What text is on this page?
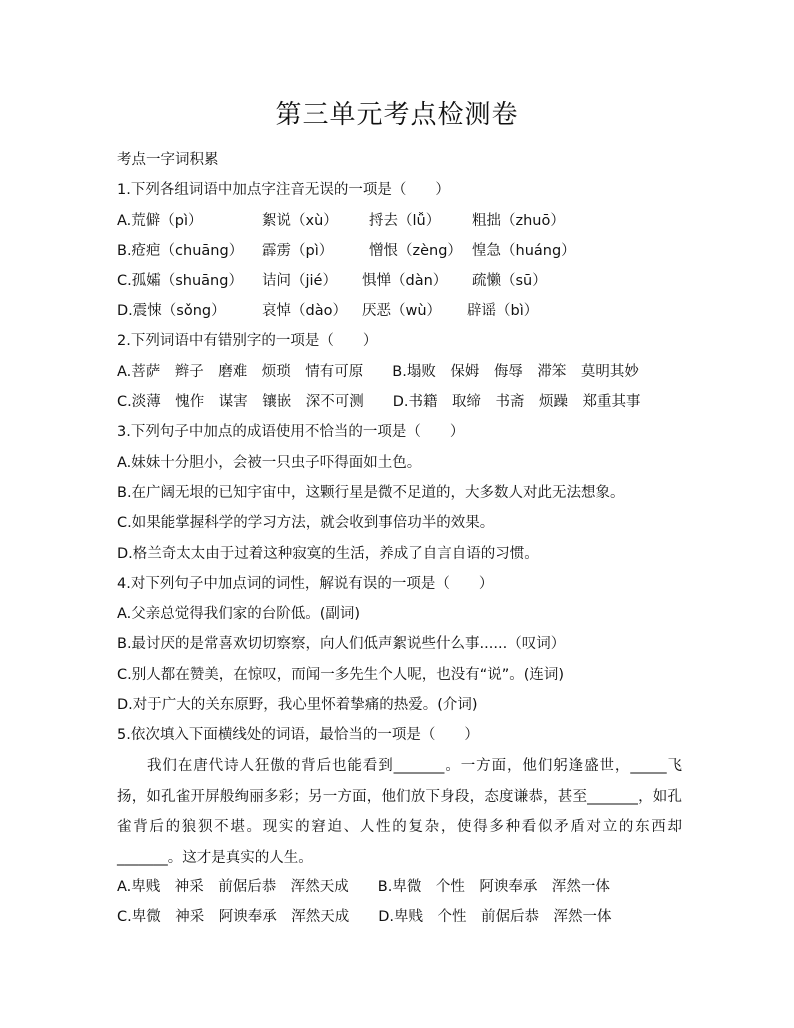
第三单元考点检测卷
考点一字词积累
1.下列各组词语中加点字注音无误的一项是（　　）
A.荒僻（pì）	絮说（xù） 捋去（lǚ） 粗拙（zhuō）
B.疮疤（chuāng） 霹雳（pì） 憎恨（zèng） 惶急（huáng）
C.孤孀（shuāng） 诘问（jié） 惧惮（dàn） 疏懒（sū）
D.震悚（sǒng）	哀悼（dào） 厌恶（wù） 辟谣（bì）
2.下列词语中有错别字的一项是（　　）
A.菩萨　辫子　磨难　烦琐　情有可原　　B.塌败　保姆　侮辱　滞笨　莫明其妙
C.淡薄　愧作　谋害　镶嵌　深不可测　　D.书籍　取缔　书斋　烦躁　郑重其事
3.下列句子中加点的成语使用不恰当的一项是（　　）
A.妹妹十分胆小，会被一只虫子吓得面如土色。
B.在广阔无垠的已知宇宙中，这颗行星是微不足道的，大多数人对此无法想象。
C.如果能掌握科学的学习方法，就会收到事倍功半的效果。
D.格兰奇太太由于过着这种寂寞的生活，养成了自言自语的习惯。
4.对下列句子中加点词的词性，解说有误的一项是（　　）
A.父亲总觉得我们家的台阶低。(副词)
B.最讨厌的是常喜欢切切察察，向人们低声絮说些什么事......（叹词）
C.别人都在赞美，在惊叹，而闻一多先生个人呢，也没有“说”。(连词)
D.对于广大的关东原野，我心里怀着挚痛的热爱。(介词)
5.依次填入下面横线处的词语，最恰当的一项是（　　）
我们在唐代诗人狂傲的背后也能看到_______。一方面，他们躬逢盛世，_____飞扬，如孔雀开屏般绚丽多彩；另一方面，他们放下身段，态度谦恭，甚至_______，如孔雀背后的狼狈不堪。现实的窘迫、人性的复杂，使得多种看似矛盾对立的东西却_______。这才是真实的人生。
A.卑贱　神采　前倨后恭　浑然天成　　B.卑微　个性　阿谀奉承　浑然一体
C.卑微　神采　阿谀奉承　浑然天成　　D.卑贱　个性　前倨后恭　浑然一体
